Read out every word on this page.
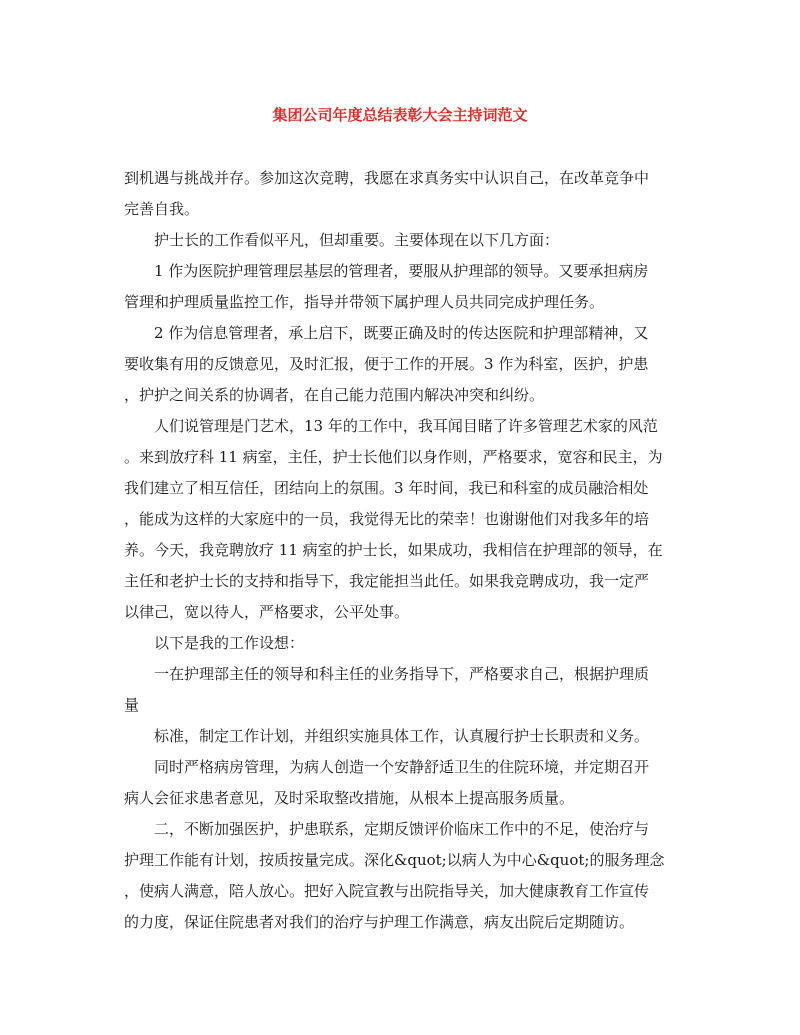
集团公司年度总结表彰大会主持词范文
到机遇与挑战并存。参加这次竞聘，我愿在求真务实中认识自己，在改革竞争中
完善自我。
护士长的工作看似平凡，但却重要。主要体现在以下几方面：
1 作为医院护理管理层基层的管理者，要服从护理部的领导。又要承担病房
管理和护理质量监控工作，指导并带领下属护理人员共同完成护理任务。
2 作为信息管理者，承上启下，既要正确及时的传达医院和护理部精神，又
要收集有用的反馈意见，及时汇报，便于工作的开展。3 作为科室，医护，护患
，护护之间关系的协调者，在自己能力范围内解决冲突和纠纷。
人们说管理是门艺术，13 年的工作中，我耳闻目睹了许多管理艺术家的风范
。来到放疗科 11 病室，主任，护士长他们以身作则，严格要求，宽容和民主，为
我们建立了相互信任，团结向上的氛围。3 年时间，我已和科室的成员融洽相处
，能成为这样的大家庭中的一员，我觉得无比的荣幸！也谢谢他们对我多年的培
养。今天，我竞聘放疗 11 病室的护士长，如果成功，我相信在护理部的领导，在
主任和老护士长的支持和指导下，我定能担当此任。如果我竞聘成功，我一定严
以律己，宽以待人，严格要求，公平处事。
以下是我的工作设想：
一在护理部主任的领导和科主任的业务指导下，严格要求自己，根据护理质
量
标准，制定工作计划，并组织实施具体工作，认真履行护士长职责和义务。
同时严格病房管理，为病人创造一个安静舒适卫生的住院环境，并定期召开
病人会征求患者意见，及时采取整改措施，从根本上提高服务质量。
二，不断加强医护，护患联系，定期反馈评价临床工作中的不足，使治疗与
护理工作能有计划，按质按量完成。深化&quot;以病人为中心&quot;的服务理念
，使病人满意，陪人放心。把好入院宣教与出院指导关，加大健康教育工作宣传
的力度，保证住院患者对我们的治疗与护理工作满意，病友出院后定期随访。
